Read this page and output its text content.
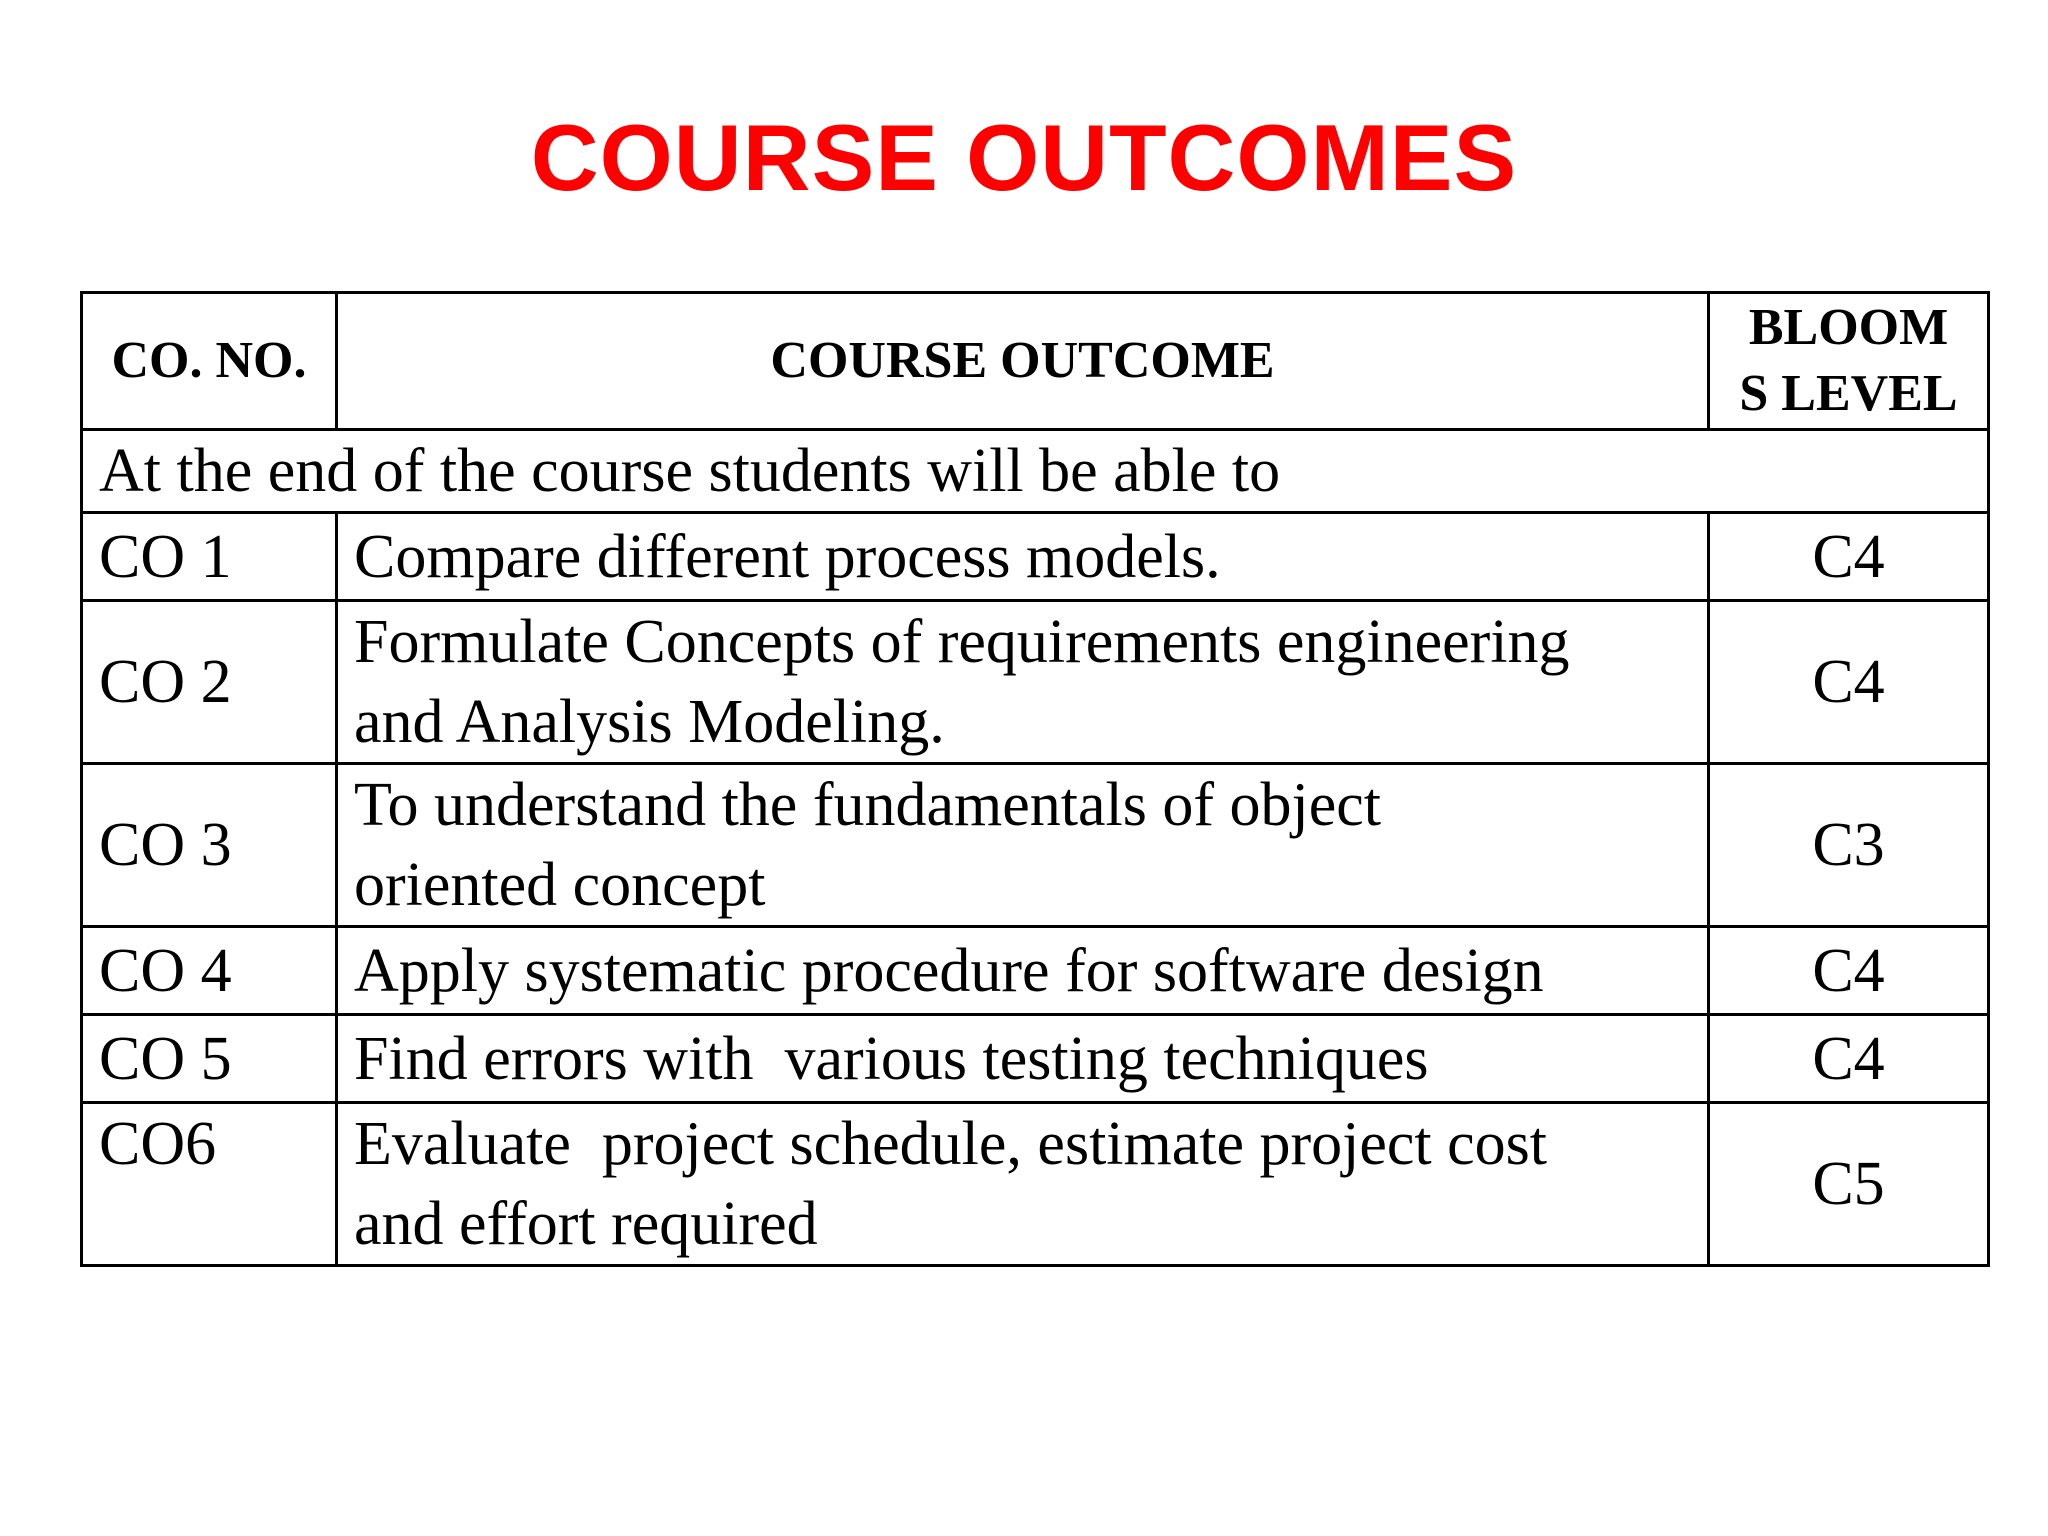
COURSE OUTCOMES
CO. NO.	COURSE OUTCOME	BLOOM
S LEVEL
At the end of the course students will be able to		
CO 1	Compare different process models.	C4
CO 2	Formulate Concepts of requirements engineering
and Analysis Modeling.	C4
CO 3	To understand the fundamentals of object
oriented concept	C3
CO 4	Apply systematic procedure for software design	C4
CO 5	Find errors with  various testing techniques	C4
CO6	Evaluate  project schedule, estimate project cost
and effort required	C5
